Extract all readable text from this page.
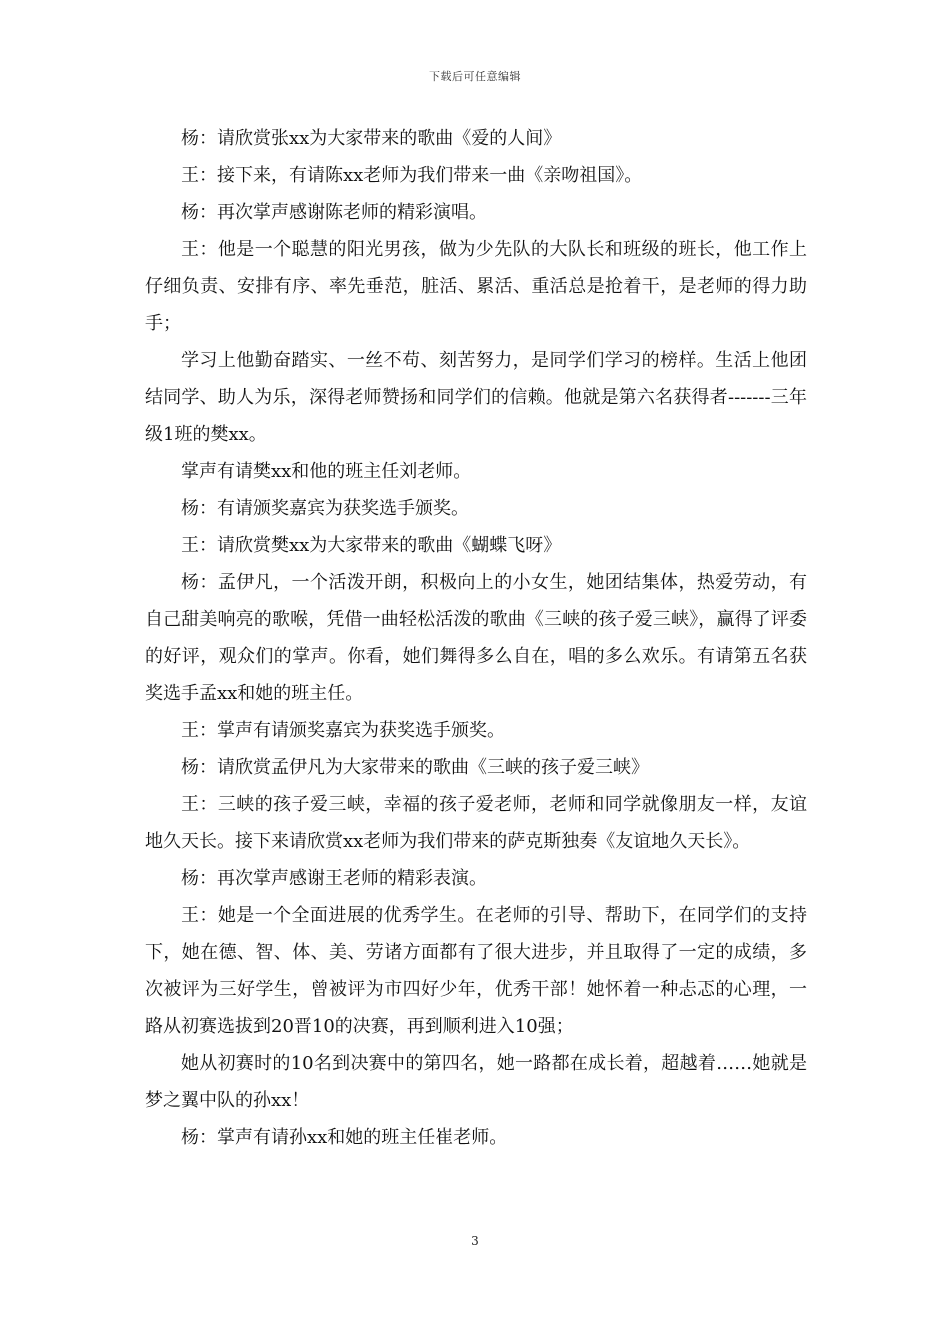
下载后可任意编辑

杨：请欣赏张xx为大家带来的歌曲《爱的人间》

王：接下来，有请陈xx老师为我们带来一曲《亲吻祖国》。

杨：再次掌声感谢陈老师的精彩演唱。

王：他是一个聪慧的阳光男孩，做为少先队的大队长和班级的班长，他工作上仔细负责、安排有序、率先垂范，脏活、累活、重活总是抢着干，是老师的得力助手；

学习上他勤奋踏实、一丝不苟、刻苦努力，是同学们学习的榜样。生活上他团结同学、助人为乐，深得老师赞扬和同学们的信赖。他就是第六名获得者-------三年级1班的樊xx。

掌声有请樊xx和他的班主任刘老师。

杨：有请颁奖嘉宾为获奖选手颁奖。

王：请欣赏樊xx为大家带来的歌曲《蝴蝶飞呀》

杨：孟伊凡，一个活泼开朗，积极向上的小女生，她团结集体，热爱劳动，有自己甜美响亮的歌喉，凭借一曲轻松活泼的歌曲《三峡的孩子爱三峡》，赢得了评委的好评，观众们的掌声。你看，她们舞得多么自在，唱的多么欢乐。有请第五名获奖选手孟xx和她的班主任。

王：掌声有请颁奖嘉宾为获奖选手颁奖。

杨：请欣赏孟伊凡为大家带来的歌曲《三峡的孩子爱三峡》

王：三峡的孩子爱三峡，幸福的孩子爱老师，老师和同学就像朋友一样，友谊地久天长。接下来请欣赏xx老师为我们带来的萨克斯独奏《友谊地久天长》。

杨：再次掌声感谢王老师的精彩表演。

王：她是一个全面进展的优秀学生。在老师的引导、帮助下，在同学们的支持下，她在德、智、体、美、劳诸方面都有了很大进步，并且取得了一定的成绩，多次被评为三好学生，曾被评为市四好少年，优秀干部！她怀着一种忐忑的心理，一路从初赛选拔到20晋10的决赛，再到顺利进入10强；

她从初赛时的10名到决赛中的第四名，她一路都在成长着，超越着……她就是梦之翼中队的孙xx！

杨：掌声有请孙xx和她的班主任崔老师。

3
